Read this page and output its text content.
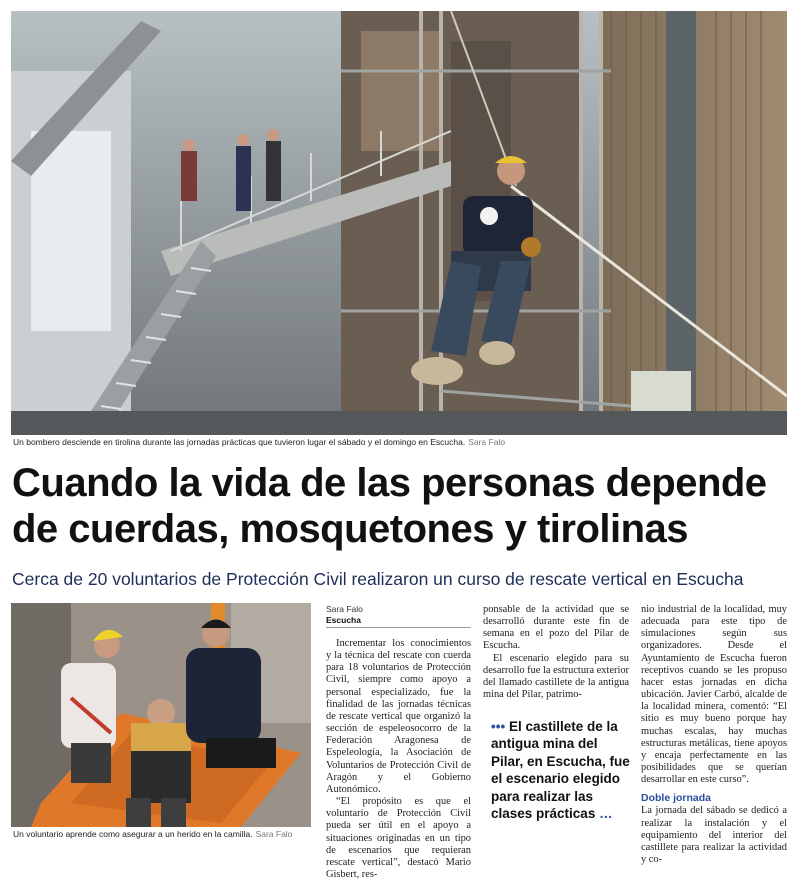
Un bombero desciende en tirolina durante las jornadas prácticas que tuvieron lugar el sábado y el domingo en Escucha. Sara Falo
Cuando la vida de las personas depende
de cuerdas, mosquetones y tirolinas

Cerca de 20 voluntarios de Protección Civil realizaron un curso de rescate vertical en Escucha

Un voluntario aprende como asegurar a un herido en la camilla. Sara Falo
Sara Falo
Escucha

Incrementar los conocimientos y la técnica del rescate con cuerda para 18 voluntarios de Protección Civil, siempre como apoyo a personal especializado, fue la finalidad de las jornadas técnicas de rescate vertical que organizó la sección de espeleosocorro de la Federación Aragonesa de Espeleología, la Asociación de Voluntarios de Protección Civil de Aragón y el Gobierno Autonómico.

“El propósito es que el voluntario de Protección Civil pueda ser útil en el apoyo a situaciones originadas en un tipo de escenarios que requieran rescate vertical”, destacó Mario Gisbert, res-

ponsable de la actividad que se desarrolló durante este fin de semana en el pozo del Pilar de Escucha.

El escenario elegido para su desarrollo fue la estructura exterior del llamado castillete de la antigua mina del Pilar, patrimo-

••• El castillete de la antigua mina del Pilar, en Escucha, fue el escenario elegido para realizar las clases prácticas …

nio industrial de la localidad, muy adecuada para este tipo de simulaciones según sus organizadores. Desde el Ayuntamiento de Escucha fueron receptivos cuando se les propuso hacer estas jornadas en dicha ubicación. Javier Carbó, alcalde de la localidad minera, comentó: “El sitio es muy bueno porque hay muchas escalas, hay muchas estructuras metálicas, tiene apoyos y encaja perfectamente en las posibilidades que se querían desarrollar en este curso”.

Doble jornada

La jornada del sábado se dedicó a realizar la instalación y el equipamiento del interior del castillete para realizar la actividad y co-
